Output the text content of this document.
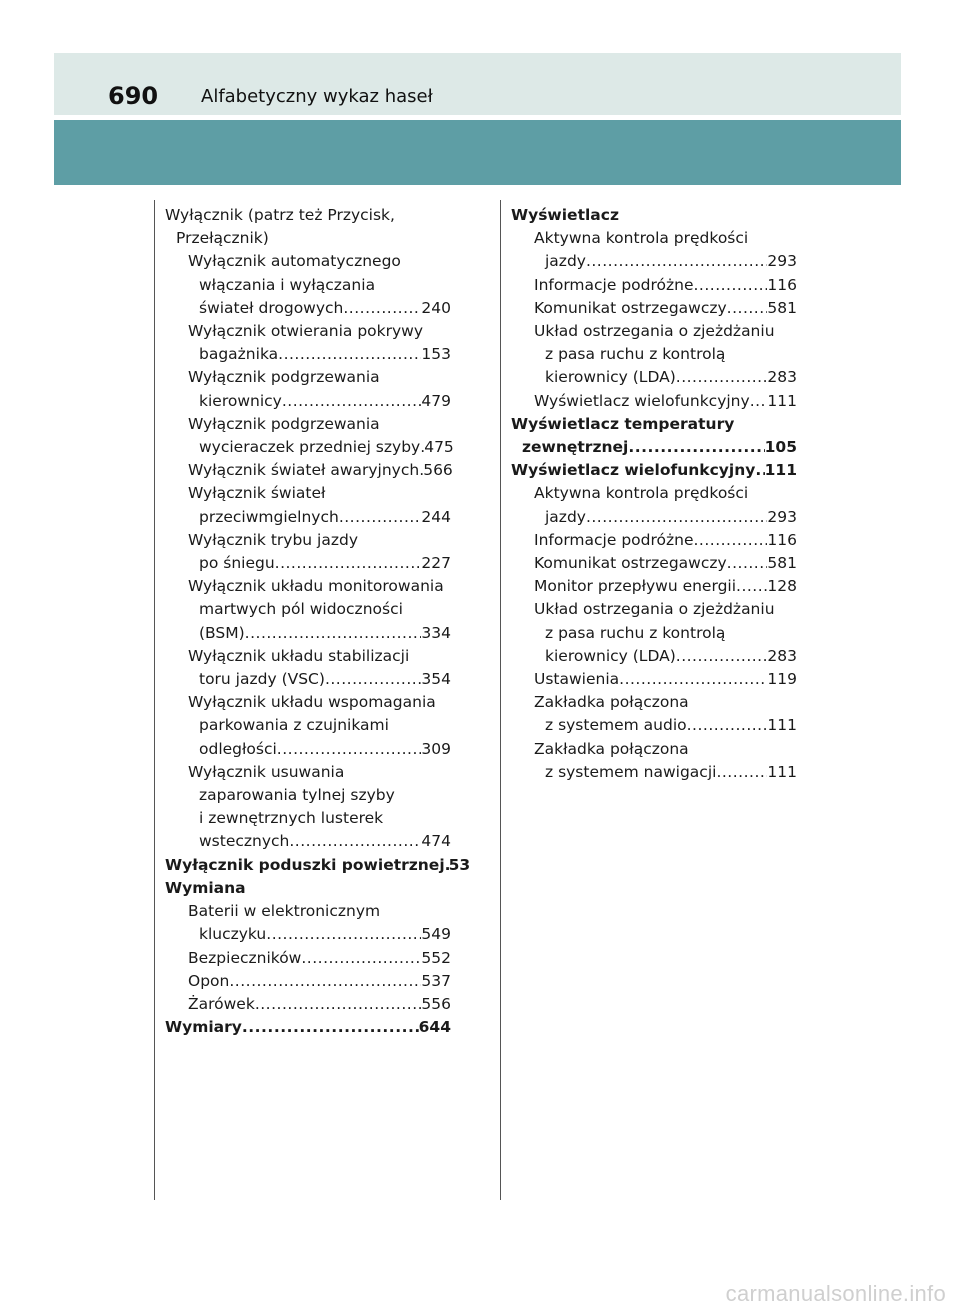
690 Alfabetyczny wykaz haseł
Wyłącznik (patrz też Przycisk,
Przełącznik)
Wyłącznik automatycznego
włączania i wyłączania
świateł drogowych .....	240
Wyłącznik otwierania pokrywy
bagażnika .....	153
Wyłącznik podgrzewania
kierownicy .....	479
Wyłącznik podgrzewania
wycieraczek przedniej szyby ..... 475
Wyłącznik świateł awaryjnych ..... 566
Wyłącznik świateł
przeciwmgielnych .....	244
Wyłącznik trybu jazdy
po śniegu .....	227
Wyłącznik układu monitorowania
martwych pól widoczności
(BSM) .....	334
Wyłącznik układu stabilizacji
toru jazdy (VSC) .....	354
Wyłącznik układu wspomagania
parkowania z czujnikami
odległości .....	309
Wyłącznik usuwania
zaparowania tylnej szyby
i zewnętrznych lusterek
wstecznych .....	474
Wyłącznik poduszki powietrznej ..... 53
Wymiana
Baterii w elektronicznym
kluczyku .....	549
Bezpieczników .....	552
Opon .....	537
Żarówek .....	556
Wymiary .....	644
Wyświetlacz
Aktywna kontrola prędkości
jazdy .....	293
Informacje podróżne .....	116
Komunikat ostrzegawczy .....	581
Układ ostrzegania o zjeżdżaniu
z pasa ruchu z kontrolą
kierownicy (LDA) .....	283
Wyświetlacz wielofunkcyjny ..... 111
Wyświetlacz temperatury
zewnętrznej .....	105
Wyświetlacz wielofunkcyjny ..... 111
Aktywna kontrola prędkości
jazdy .....	293
Informacje podróżne .....	116
Komunikat ostrzegawczy .....	581
Monitor przepływu energii ..... 128
Układ ostrzegania o zjeżdżaniu
z pasa ruchu z kontrolą
kierownicy (LDA) .....	283
Ustawienia .....	119
Zakładka połączona
z systemem audio .....	111
Zakładka połączona
z systemem nawigacji .....	111
carmanualsonline.info
